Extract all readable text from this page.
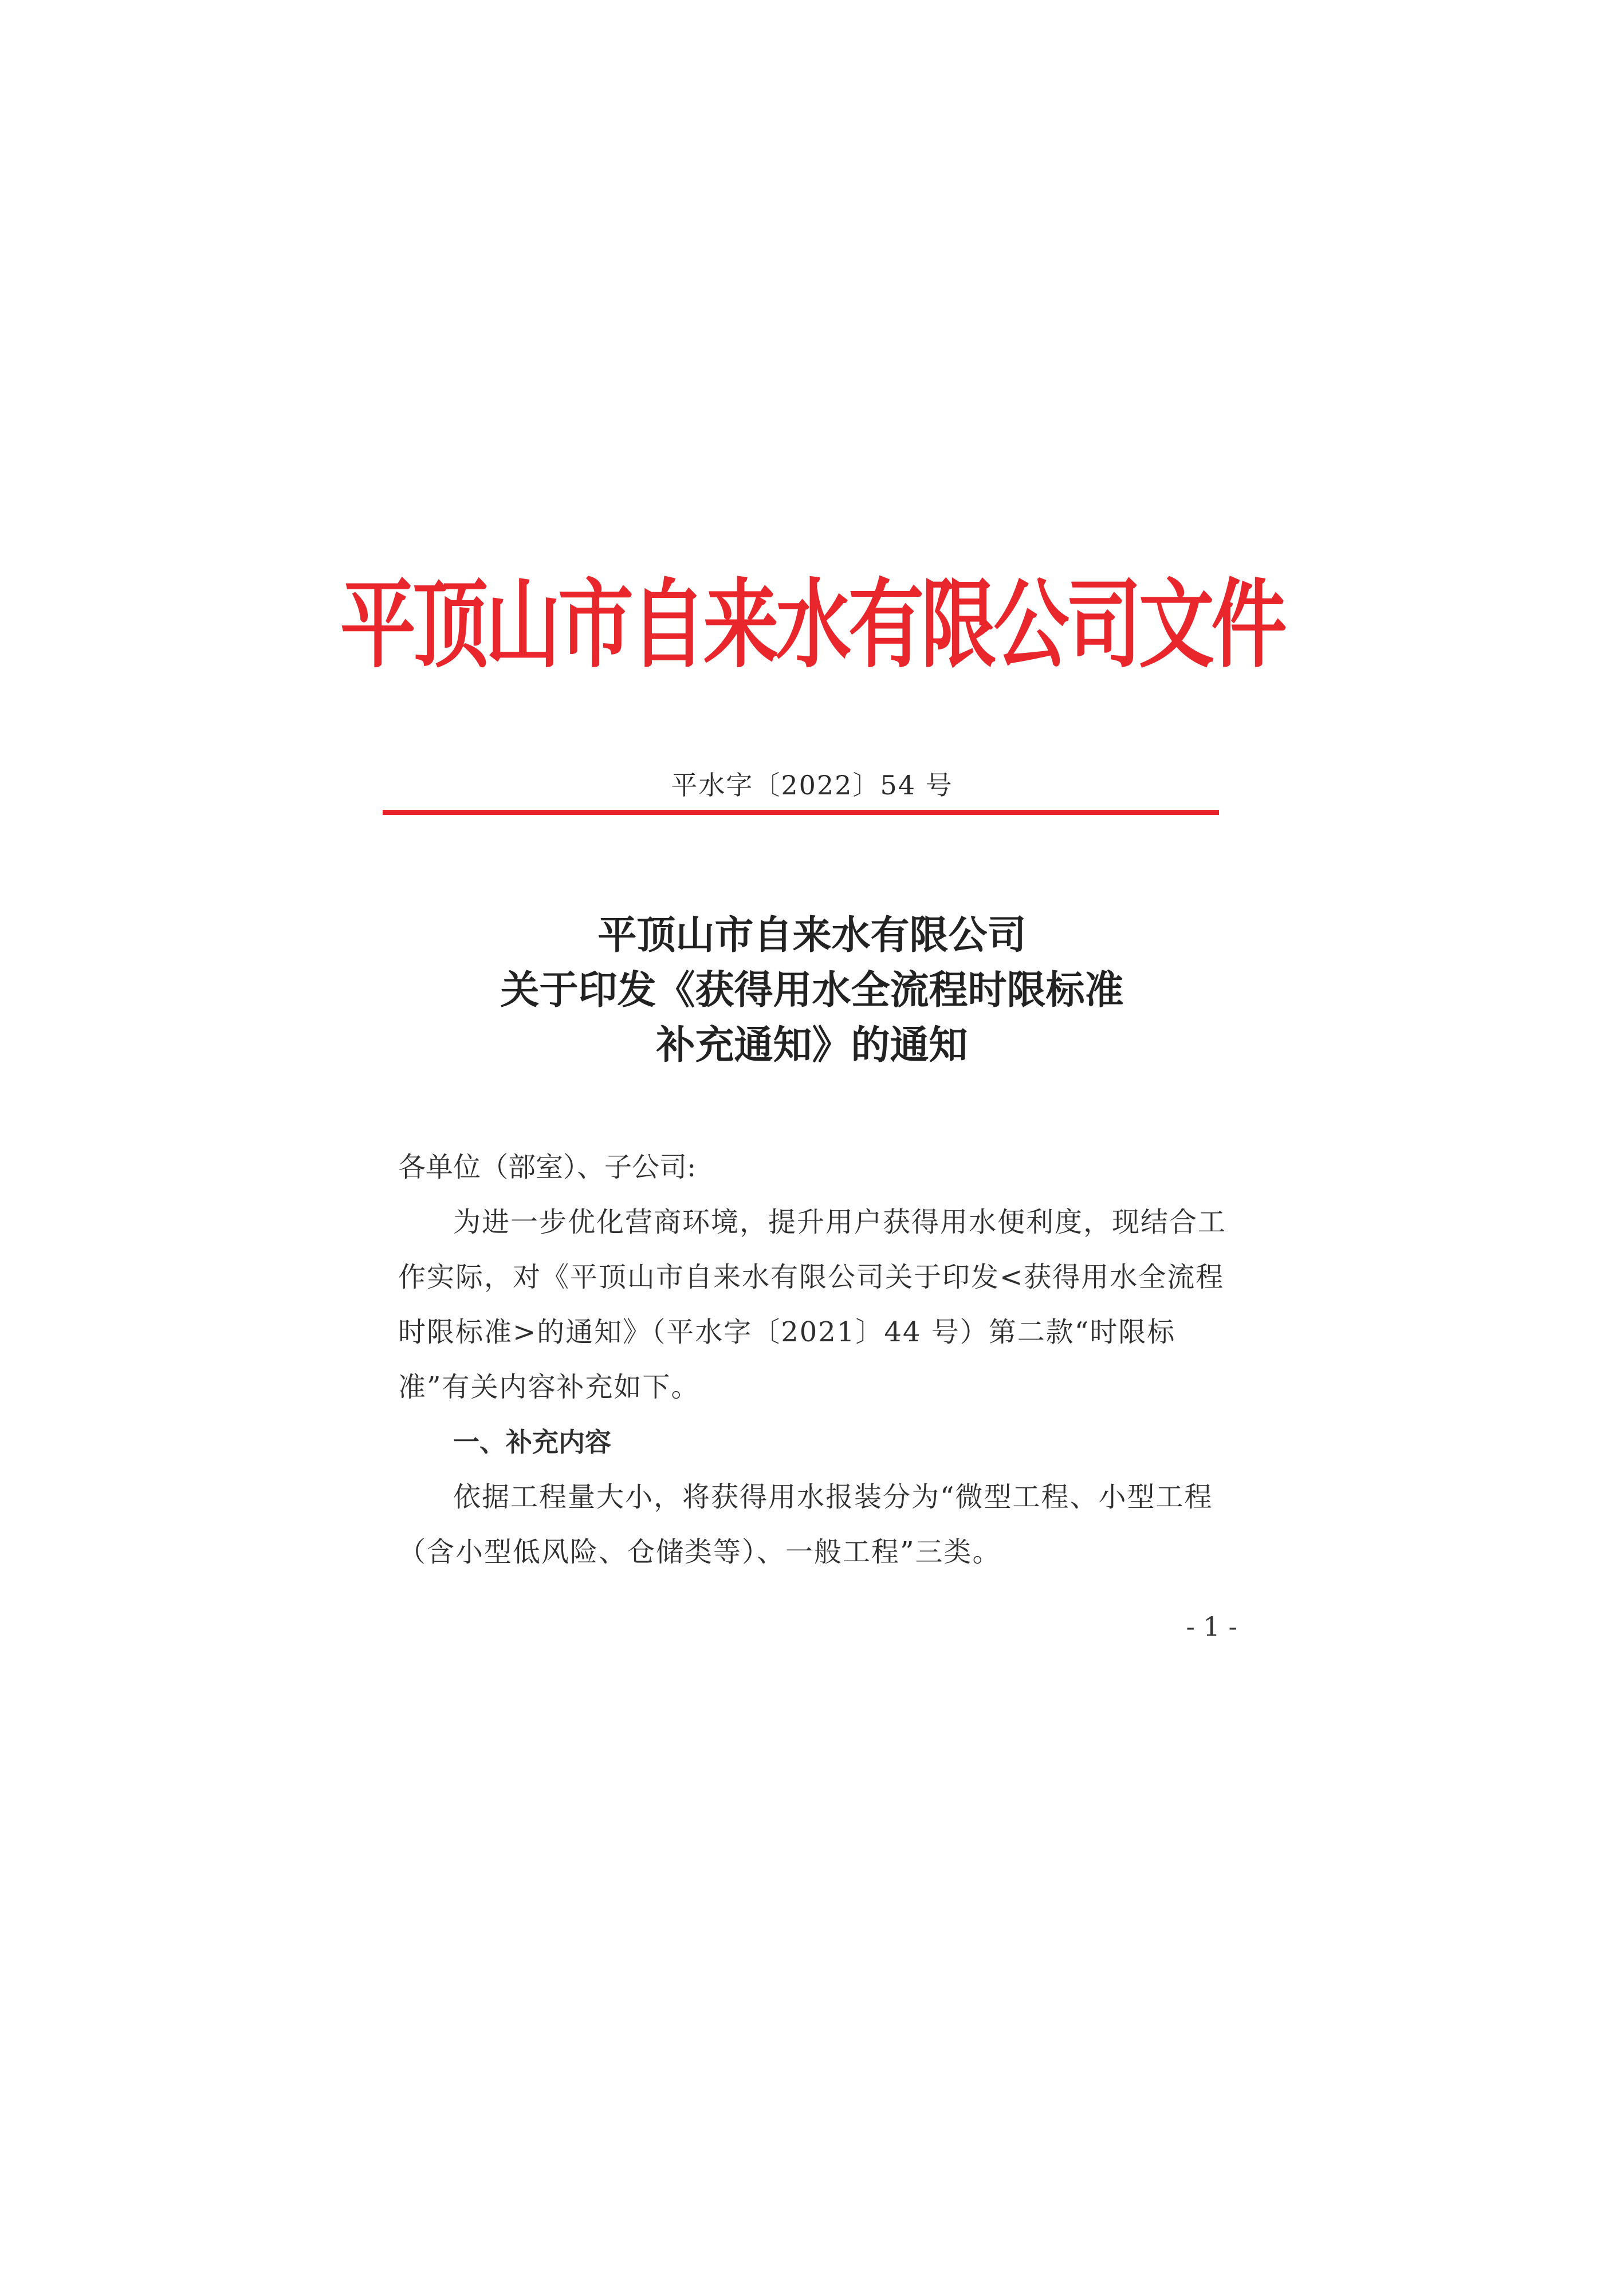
平顶山市自来水有限公司文件
平水字〔2022〕54 号
平顶山市自来水有限公司
关于印发《获得用水全流程时限标准
补充通知》的通知

各单位（部室）、子公司:

为进一步优化营商环境，提升用户获得用水便利度，现结合工作实际，对《平顶山市自来水有限公司关于印发<获得用水全流程时限标准>的通知》（平水字〔2021〕44 号）第二款“时限标准”有关内容补充如下。

一、补充内容

依据工程量大小，将获得用水报装分为“微型工程、小型工程（含小型低风险、仓储类等）、一般工程”三类。

- 1 -
